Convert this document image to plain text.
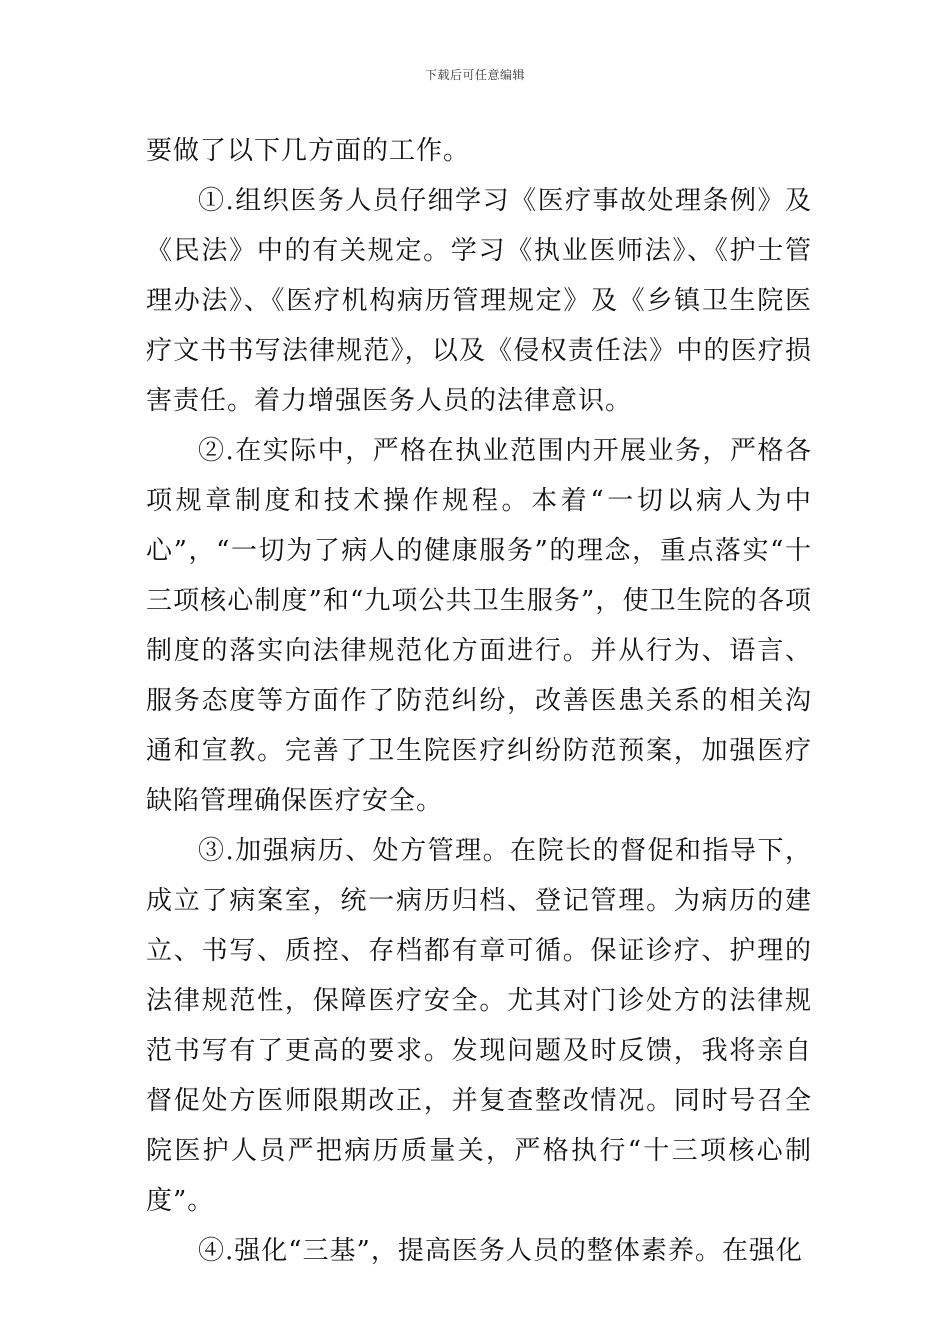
下载后可任意编辑

要做了以下几方面的工作。

①.组织医务人员仔细学习《医疗事故处理条例》及《民法》中的有关规定。学习《执业医师法》、《护士管理办法》、《医疗机构病历管理规定》及《乡镇卫生院医疗文书书写法律规范》，以及《侵权责任法》中的医疗损害责任。着力增强医务人员的法律意识。

②.在实际中，严格在执业范围内开展业务，严格各项规章制度和技术操作规程。本着“一切以病人为中心”，“一切为了病人的健康服务”的理念，重点落实“十三项核心制度”和“九项公共卫生服务”，使卫生院的各项制度的落实向法律规范化方面进行。并从行为、语言、服务态度等方面作了防范纠纷，改善医患关系的相关沟通和宣教。完善了卫生院医疗纠纷防范预案，加强医疗缺陷管理确保医疗安全。

③.加强病历、处方管理。在院长的督促和指导下，成立了病案室，统一病历归档、登记管理。为病历的建立、书写、质控、存档都有章可循。保证诊疗、护理的法律规范性，保障医疗安全。尤其对门诊处方的法律规范书写有了更高的要求。发现问题及时反馈，我将亲自督促处方医师限期改正，并复查整改情况。同时号召全院医护人员严把病历质量关，严格执行“十三项核心制度”。

④.强化“三基”，提高医务人员的整体素养。在强化
